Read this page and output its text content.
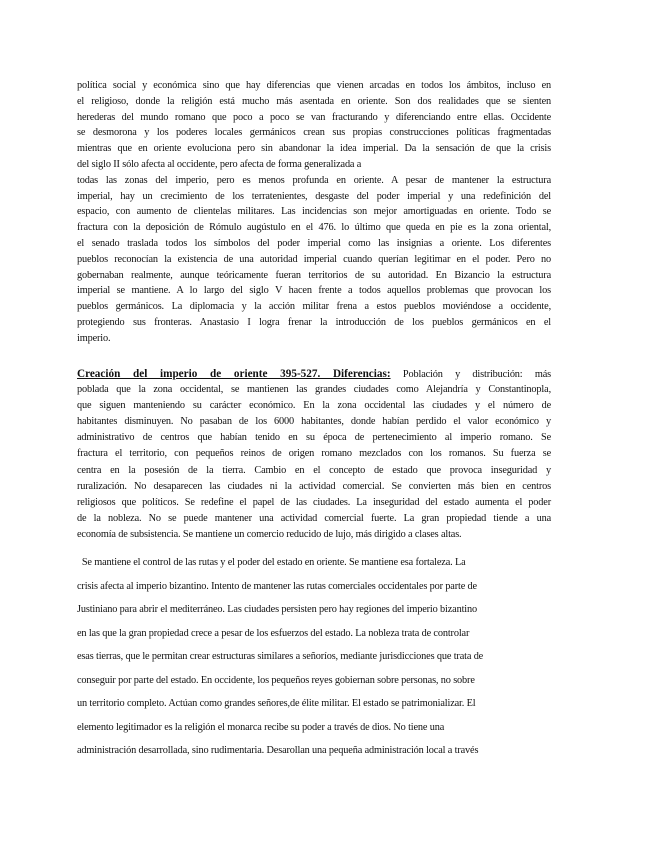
política social y económica sino que hay diferencias que vienen arcadas en todos los ámbitos, incluso en
el religioso, donde la religión está mucho más asentada en oriente. Son dos realidades que se sienten
herederas del mundo romano que poco a poco se van fracturando y diferenciando entre ellas. Occidente
se desmorona y los poderes locales germánicos crean sus propias construcciones políticas fragmentadas
mientras que en oriente evoluciona pero sin abandonar la idea imperial. Da la sensación de que la crisis
del siglo II sólo afecta al occidente, pero afecta de forma generalizada a
todas las zonas del imperio, pero es menos profunda en oriente. A pesar de mantener la estructura
imperial, hay un crecimiento de los terratenientes, desgaste del poder imperial y una redefinición del
espacio, con aumento de clientelas militares. Las incidencias son mejor amortiguadas en oriente. Todo se
fractura con la deposición de Rómulo augústulo en el 476. lo último que queda en pie es la zona oriental,
el senado traslada todos los símbolos del poder imperial como las insignias a oriente. Los diferentes
pueblos reconocían la existencia de una autoridad imperial cuando querían legitimar en el poder. Pero no
gobernaban realmente, aunque teóricamente fueran territorios de su autoridad. En Bizancio la estructura
imperial se mantiene. A lo largo del siglo V hacen frente a todos aquellos problemas que provocan los
pueblos germánicos. La diplomacia y la acción militar frena a estos pueblos moviéndose a occidente,
protegiendo sus fronteras. Anastasio I logra frenar la introducción de los pueblos germánicos en el
imperio.
Creación del imperio de oriente 395-527. Diferencias: Población y distribución: más
poblada que la zona occidental, se mantienen las grandes ciudades como Alejandría y Constantinopla,
que siguen manteniendo su carácter económico. En la zona occidental las ciudades y el número de
habitantes disminuyen. No pasaban de los 6000 habitantes, donde habían perdido el valor económico y
administrativo de centros que habían tenido en su época de pertenecimiento al imperio romano. Se
fractura el territorio, con pequeños reinos de origen romano mezclados con los romanos. Su fuerza se
centra en la posesión de la tierra. Cambio en el concepto de estado que provoca inseguridad y
ruralización. No desaparecen las ciudades ni la actividad comercial. Se convierten más bien en centros
religiosos que políticos. Se redefine el papel de las ciudades. La inseguridad del estado aumenta el poder
de la nobleza. No se puede mantener una actividad comercial fuerte. La gran propiedad tiende a una
economía de subsistencia. Se mantiene un comercio reducido de lujo, más dirigido a clases altas.
Se mantiene el control de las rutas y el poder del estado en oriente. Se mantiene esa fortaleza. La
crisis afecta al imperio bizantino. Intento de mantener las rutas comerciales occidentales por parte de
Justiniano para abrir el mediterráneo. Las ciudades persisten pero hay regiones del imperio bizantino
en las que la gran propiedad crece a pesar de los esfuerzos del estado. La nobleza trata de controlar
esas tierras, que le permitan crear estructuras similares a señoríos, mediante jurisdicciones que trata de
conseguir por parte del estado. En occidente, los pequeños reyes gobiernan sobre personas, no sobre
un territorio completo. Actúan como grandes señores,de élite militar. El estado se patrimonializar. El
elemento legitimador es la religión el monarca recibe su poder a través de dios. No tiene una
administración desarrollada, sino rudimentaria. Desarollan una pequeña administración local a través
